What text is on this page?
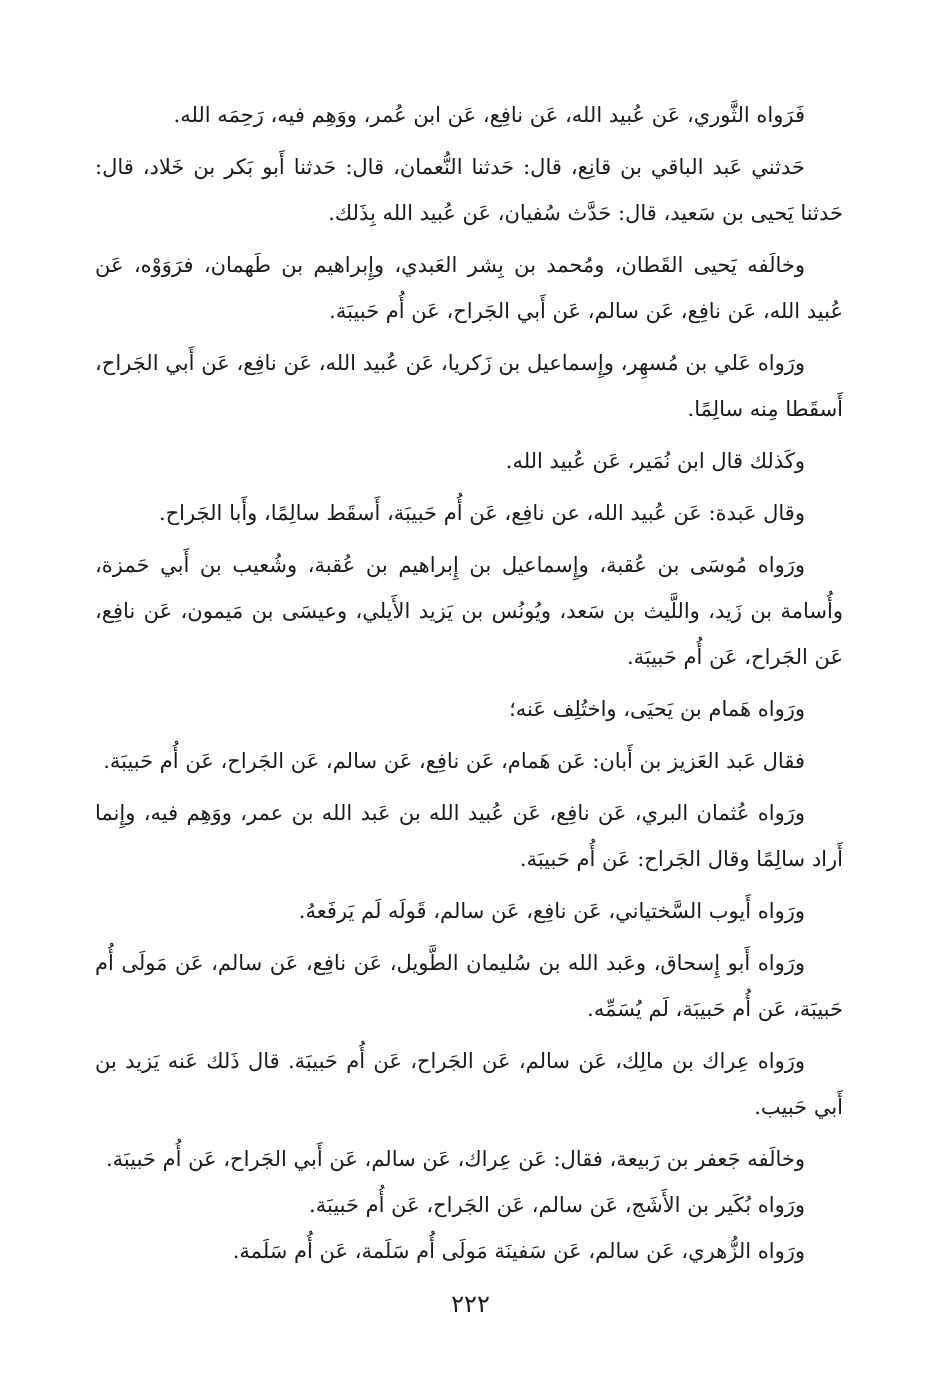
فَرَواه الثَّوري، عَن عُبيد الله، عَن نافِع، عَن ابن عُمر، ووَهِم فيه، رَحِمَه الله.

حَدثني عَبد الباقي بن قانِع، قال: حَدثنا النُّعمان، قال: حَدثنا أَبو بَكر بن خَلاد، قال: حَدثنا يَحيى بن سَعيد، قال: حَدَّث سُفيان، عَن عُبيد الله بِذَلك.

وخالَفه يَحيى القَطان، ومُحمد بن بِشر العَبدي، وإِبراهيم بن طَهمان، فرَوَوْه، عَن عُبيد الله، عَن نافِع، عَن سالم، عَن أَبي الجَراح، عَن أُم حَبيبَة.

ورَواه عَلي بن مُسهِر، وإِسماعيل بن زَكريا، عَن عُبيد الله، عَن نافِع، عَن أَبي الجَراح، أَسقَطا مِنه سالِمًا.

وكَذلك قال ابن نُمَير، عَن عُبيد الله.

وقال عَبدة: عَن عُبيد الله، عن نافِع، عَن أُم حَبيبَة، أَسقَط سالِمًا، وأَبا الجَراح.

ورَواه مُوسَى بن عُقبة، وإِسماعيل بن إِبراهيم بن عُقبة، وشُعيب بن أَبي حَمزة، وأُسامة بن زَيد، واللَّيث بن سَعد، ويُونُس بن يَزيد الأَيلي، وعيسَى بن مَيمون، عَن نافِع، عَن الجَراح، عَن أُم حَبيبَة.

ورَواه هَمام بن يَحيَى، واختُلِف عَنه؛

فقال عَبد العَزيز بن أَبان: عَن هَمام، عَن نافِع، عَن سالم، عَن الجَراح، عَن أُم حَبيبَة.

ورَواه عُثمان البري، عَن نافِع، عَن عُبيد الله بن عَبد الله بن عمر، ووَهِم فيه، وإِنما أَراد سالِمًا وقال الجَراح: عَن أُم حَبيبَة.

ورَواه أَيوب السَّختياني، عَن نافِع، عَن سالم، قَولَه لَم يَرفَعهُ.

ورَواه أَبو إِسحاق، وعَبد الله بن سُليمان الطَّويل، عَن نافِع، عَن سالم، عَن مَولَى أُم حَبيبَة، عَن أُم حَبيبَة، لَم يُسَمِّه.

ورَواه عِراك بن مالِك، عَن سالم، عَن الجَراح، عَن أُم حَبيبَة. قال ذَلك عَنه يَزيد بن أَبي حَبيب.

وخالَفه جَعفر بن رَبيعة، فقال: عَن عِراك، عَن سالم، عَن أَبي الجَراح، عَن أُم حَبيبَة.

ورَواه بُكَير بن الأَشَج، عَن سالم، عَن الجَراح، عَن أُم حَبيبَة.

ورَواه الزُّهري، عَن سالم، عَن سَفينَة مَولَى أُم سَلَمة، عَن أُم سَلَمة.

٢٢٢
